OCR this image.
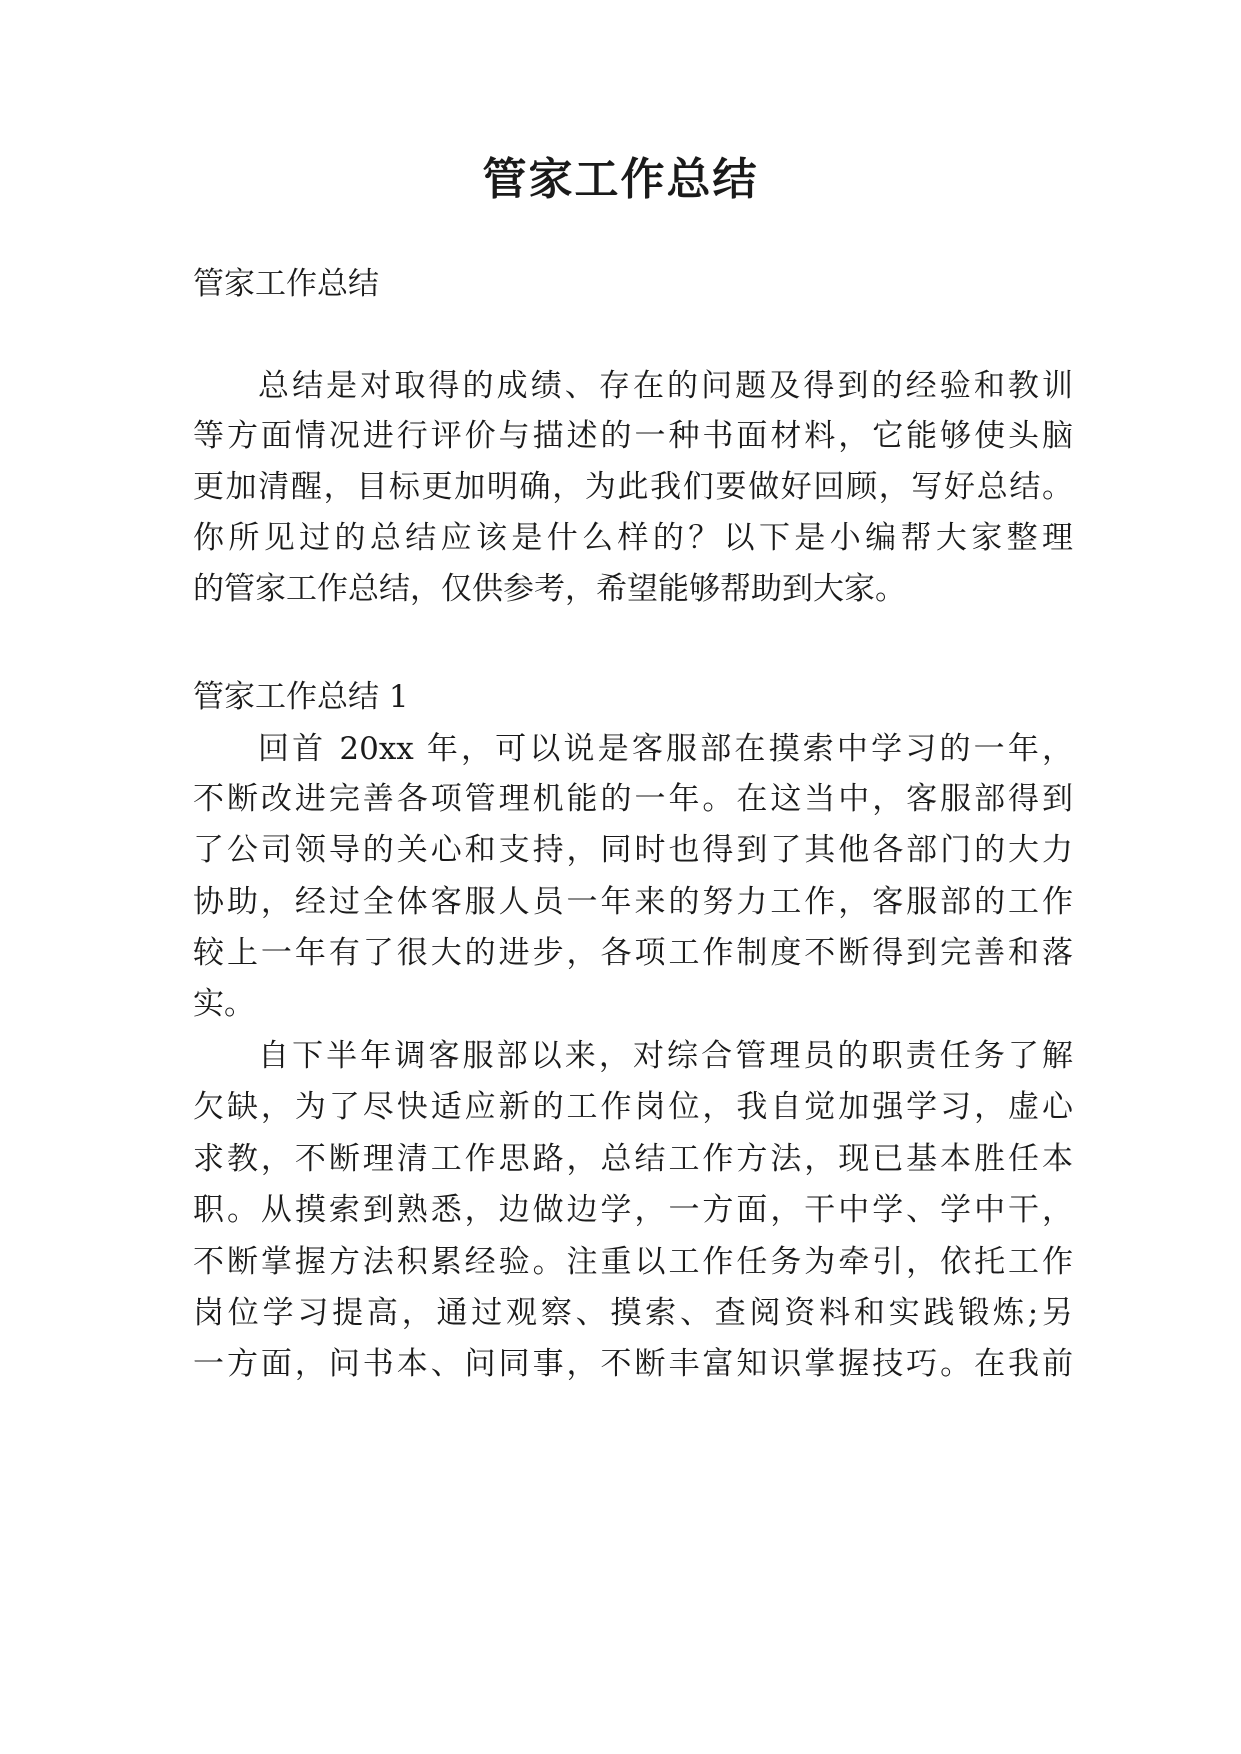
管家工作总结

管家工作总结

总结是对取得的成绩、存在的问题及得到的经验和教训

等方面情况进行评价与描述的一种书面材料，它能够使头脑

更加清醒，目标更加明确，为此我们要做好回顾，写好总结。

你所见过的总结应该是什么样的？以下是小编帮大家整理

的管家工作总结，仅供参考，希望能够帮助到大家。

管家工作总结 1

回首 20xx 年，可以说是客服部在摸索中学习的一年，

不断改进完善各项管理机能的一年。在这当中，客服部得到

了公司领导的关心和支持，同时也得到了其他各部门的大力

协助，经过全体客服人员一年来的努力工作，客服部的工作

较上一年有了很大的进步，各项工作制度不断得到完善和落

实。

自下半年调客服部以来，对综合管理员的职责任务了解

欠缺，为了尽快适应新的工作岗位，我自觉加强学习，虚心

求教，不断理清工作思路，总结工作方法，现已基本胜任本

职。从摸索到熟悉，边做边学，一方面，干中学、学中干，

不断掌握方法积累经验。注重以工作任务为牵引，依托工作

岗位学习提高，通过观察、摸索、查阅资料和实践锻炼;另

一方面，问书本、问同事，不断丰富知识掌握技巧。在我前
